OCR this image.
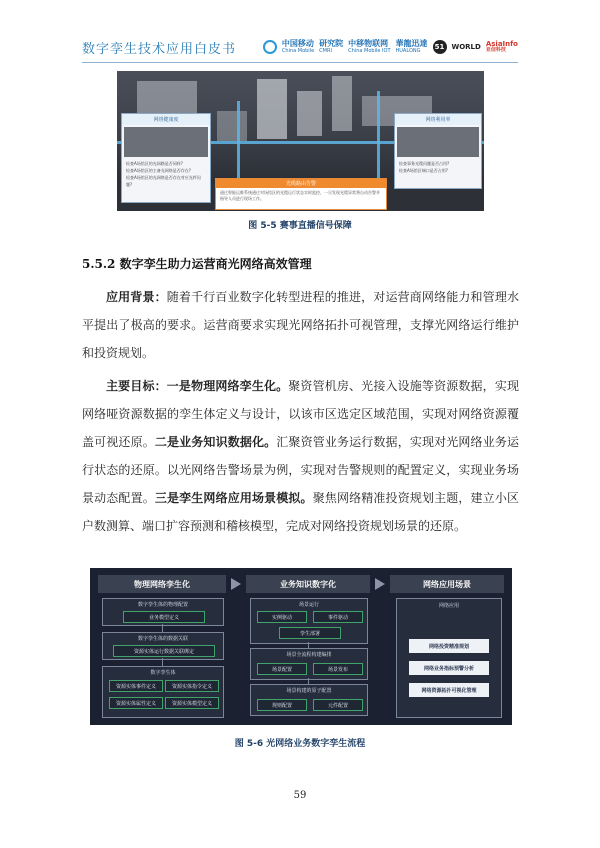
数字孪生技术应用白皮书	中国移动
China Mobile
研究院
CMRI
中移物联网
China Mobile IOT
華龍迅達
HUALONG	51	WORLD AsiaInfo
亚信科技
网络健康度
检查A场馆区的光网路是否同样?
检查A场馆区的主备光网络是否存在?
检查A场馆区的光网络是否存在对应光纤问题?
网络利用率
检查事务光缆问题是否占用?
检查A场馆区端口是否占用?
光缆路由告警
通过智能运维系统通过对场馆区的光缆运行状态实时监控，一旦发现光缆异常将自动告警并指导人员进行现场工作。
图 5-5 赛事直播信号保障
5.5.2 数字孪生助力运营商光网络高效管理

应用背景：随着千行百业数字化转型进程的推进，对运营商网络能力和管理水平提出了极高的要求。运营商要求实现光网络拓扑可视管理，支撑光网络运行维护和投资规划。

主要目标：一是物理网络孪生化。聚资管机房、光接入设施等资源数据，实现网络哑资源数据的孪生体定义与设计，以该市区选定区域范围，实现对网络资源覆盖可视还原。二是业务知识数据化。汇聚资管业务运行数据，实现对光网络业务运行状态的还原。以光网络告警场景为例，实现对告警规则的配置定义，实现业务场景动态配置。三是孪生网络应用场景模拟。聚焦网络精准投资规划主题，建立小区户数测算、端口扩容预测和稽核模型，完成对网络投资规划场景的还原。

物理网络孪生化	业务知识数字化	网络应用场景
数字孪生体的物理配置
业务模型定义
数字孪生体的数据关联
资源实体运行数据关联绑定
数字孪生体
资源实体事件定义	资源实体指令定义
资源实体属性定义	资源实体模型定义
场景运行
实例驱动	事件驱动
孪生部署
场景全流程构建编排
场景配置	场景发布
场景构建的原子配置
规则配置	元件配置
网络应用
网络投资精准规划
网络业务指标预警分析
网络资源拓扑可视化管理
图 5-6 光网络业务数字孪生流程
59
